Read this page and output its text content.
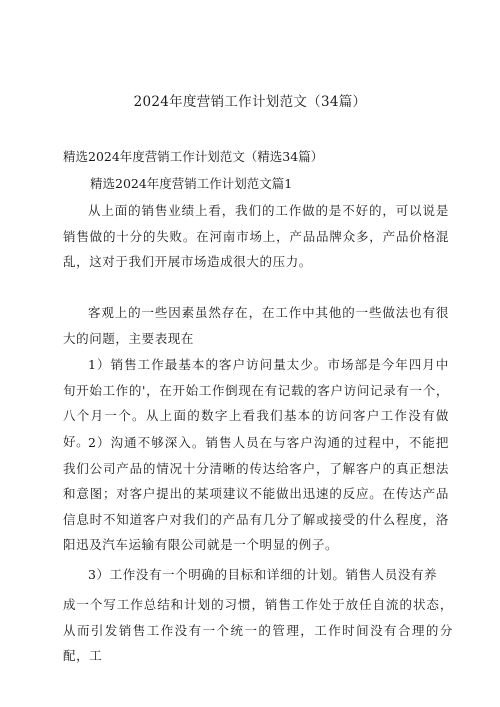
2024年度营销工作计划范文（34篇）
精选2024年度营销工作计划范文（精选34篇）
精选2024年度营销工作计划范文篇1

从上面的销售业绩上看，我们的工作做的是不好的，可以说是销售做的十分的失败。在河南市场上，产品品牌众多，产品价格混乱，这对于我们开展市场造成很大的压力。

客观上的一些因素虽然存在，在工作中其他的一些做法也有很大的问题，主要表现在

1）销售工作最基本的客户访问量太少。市场部是今年四月中旬开始工作的'，在开始工作倒现在有记载的客户访问记录有一个，八个月一个。从上面的数字上看我们基本的访问客户工作没有做好。

2）沟通不够深入。销售人员在与客户沟通的过程中，不能把我们公司产品的情况十分清晰的传达给客户，了解客户的真正想法和意图；对客户提出的某项建议不能做出迅速的反应。在传达产品信息时不知道客户对我们的产品有几分了解或接受的什么程度，洛阳迅及汽车运输有限公司就是一个明显的例子。

3）工作没有一个明确的目标和详细的计划。销售人员没有养

成一个写工作总结和计划的习惯，销售工作处于放任自流的状态，从而引发销售工作没有一个统一的管理，工作时间没有合理的分配，工
